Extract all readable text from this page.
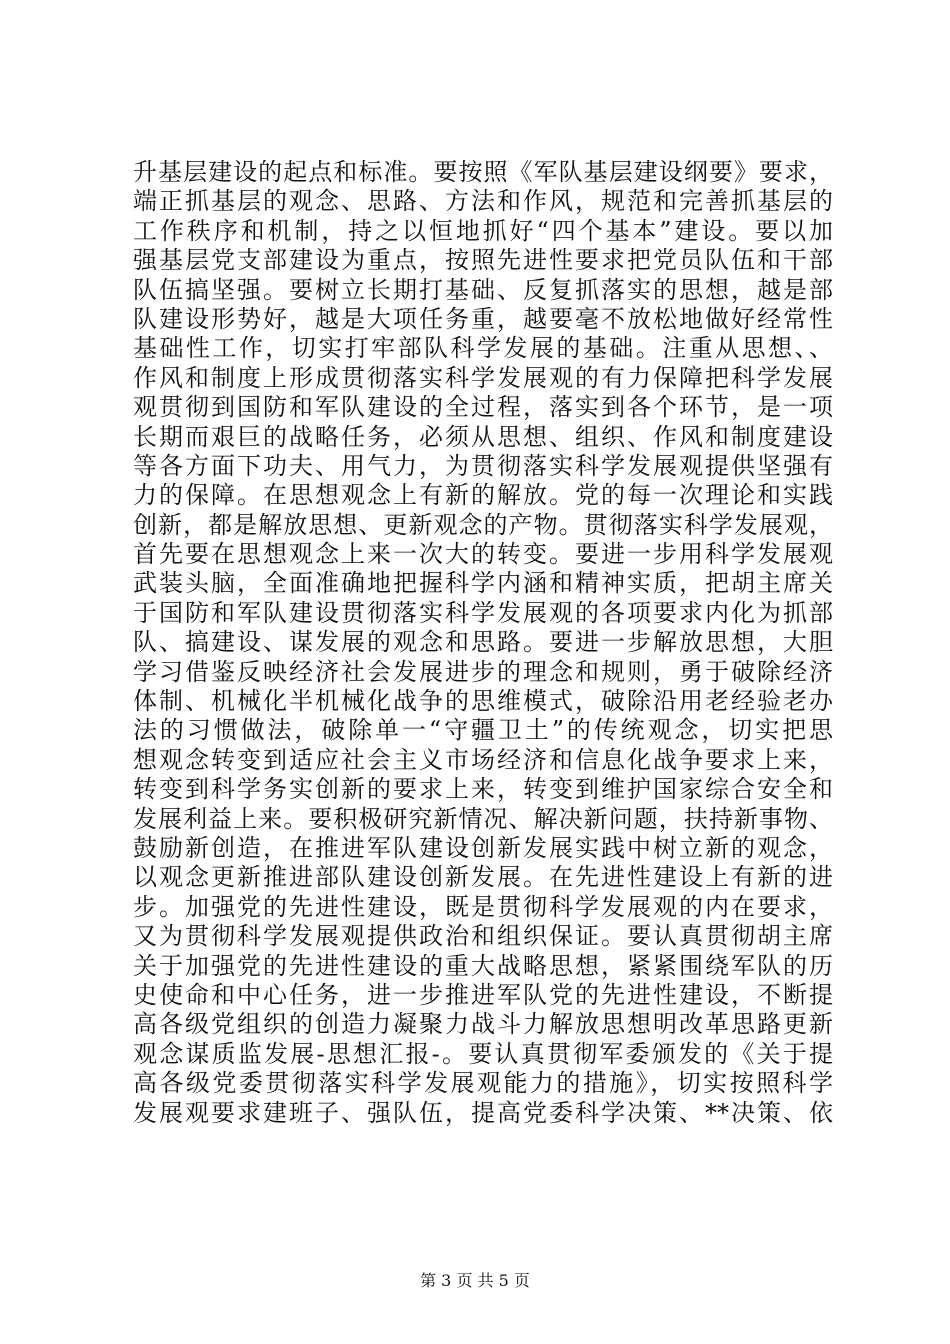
升基层建设的起点和标准。要按照《军队基层建设纲要》要求，
端正抓基层的观念、思路、方法和作风，规范和完善抓基层的
工作秩序和机制，持之以恒地抓好“四个基本”建设。要以加
强基层党支部建设为重点，按照先进性要求把党员队伍和干部
队伍搞坚强。要树立长期打基础、反复抓落实的思想，越是部
队建设形势好，越是大项任务重，越要毫不放松地做好经常性
基础性工作，切实打牢部队科学发展的基础。注重从思想、、
作风和制度上形成贯彻落实科学发展观的有力保障把科学发展
观贯彻到国防和军队建设的全过程，落实到各个环节，是一项
长期而艰巨的战略任务，必须从思想、组织、作风和制度建设
等各方面下功夫、用气力，为贯彻落实科学发展观提供坚强有
力的保障。在思想观念上有新的解放。党的每一次理论和实践
创新，都是解放思想、更新观念的产物。贯彻落实科学发展观，
首先要在思想观念上来一次大的转变。要进一步用科学发展观
武装头脑，全面准确地把握科学内涵和精神实质，把胡主席关
于国防和军队建设贯彻落实科学发展观的各项要求内化为抓部
队、搞建设、谋发展的观念和思路。要进一步解放思想，大胆
学习借鉴反映经济社会发展进步的理念和规则，勇于破除经济
体制、机械化半机械化战争的思维模式，破除沿用老经验老办
法的习惯做法，破除单一“守疆卫土”的传统观念，切实把思
想观念转变到适应社会主义市场经济和信息化战争要求上来，
转变到科学务实创新的要求上来，转变到维护国家综合安全和
发展利益上来。要积极研究新情况、解决新问题，扶持新事物、
鼓励新创造，在推进军队建设创新发展实践中树立新的观念，
以观念更新推进部队建设创新发展。在先进性建设上有新的进
步。加强党的先进性建设，既是贯彻科学发展观的内在要求，
又为贯彻科学发展观提供政治和组织保证。要认真贯彻胡主席
关于加强党的先进性建设的重大战略思想，紧紧围绕军队的历
史使命和中心任务，进一步推进军队党的先进性建设，不断提
高各级党组织的创造力凝聚力战斗力解放思想明改革思路更新
观念谋质监发展-思想汇报-。要认真贯彻军委颁发的《关于提
高各级党委贯彻落实科学发展观能力的措施》，切实按照科学
发展观要求建班子、强队伍，提高党委科学决策、**决策、依
第 3 页 共 5 页
